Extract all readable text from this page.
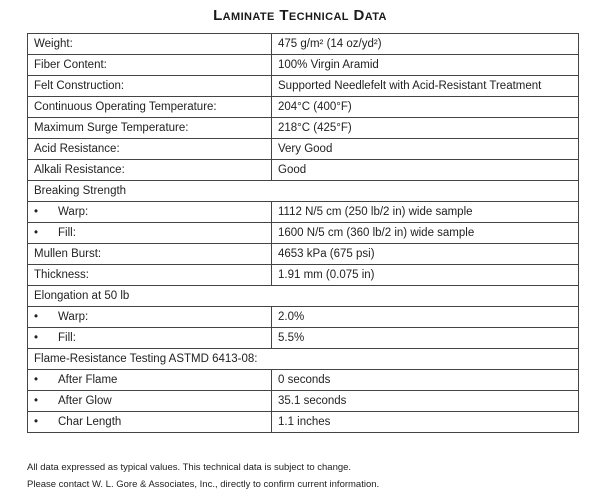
Laminate Technical Data
Weight:	475 g/m² (14 oz/yd²)
Fiber Content:	100% Virgin Aramid
Felt Construction:	Supported Needlefelt with Acid-Resistant Treatment
Continuous Operating Temperature:	204°C (400°F)
Maximum Surge Temperature:	218°C (425°F)
Acid Resistance:	Very Good
Alkali Resistance:	Good
Breaking Strength	
• Warp:	1112 N/5 cm (250 lb/2 in) wide sample
• Fill:	1600 N/5 cm (360 lb/2 in) wide sample
Mullen Burst:	4653 kPa (675 psi)
Thickness:	1.91 mm (0.075 in)
Elongation at 50 lb	
• Warp:	2.0%
• Fill:	5.5%
Flame-Resistance Testing ASTMD 6413-08:	
• After Flame	0 seconds
• After Glow	35.1 seconds
• Char Length	1.1 inches
All data expressed as typical values. This technical data is subject to change.
Please contact W. L. Gore & Associates, Inc., directly to confirm current information.
